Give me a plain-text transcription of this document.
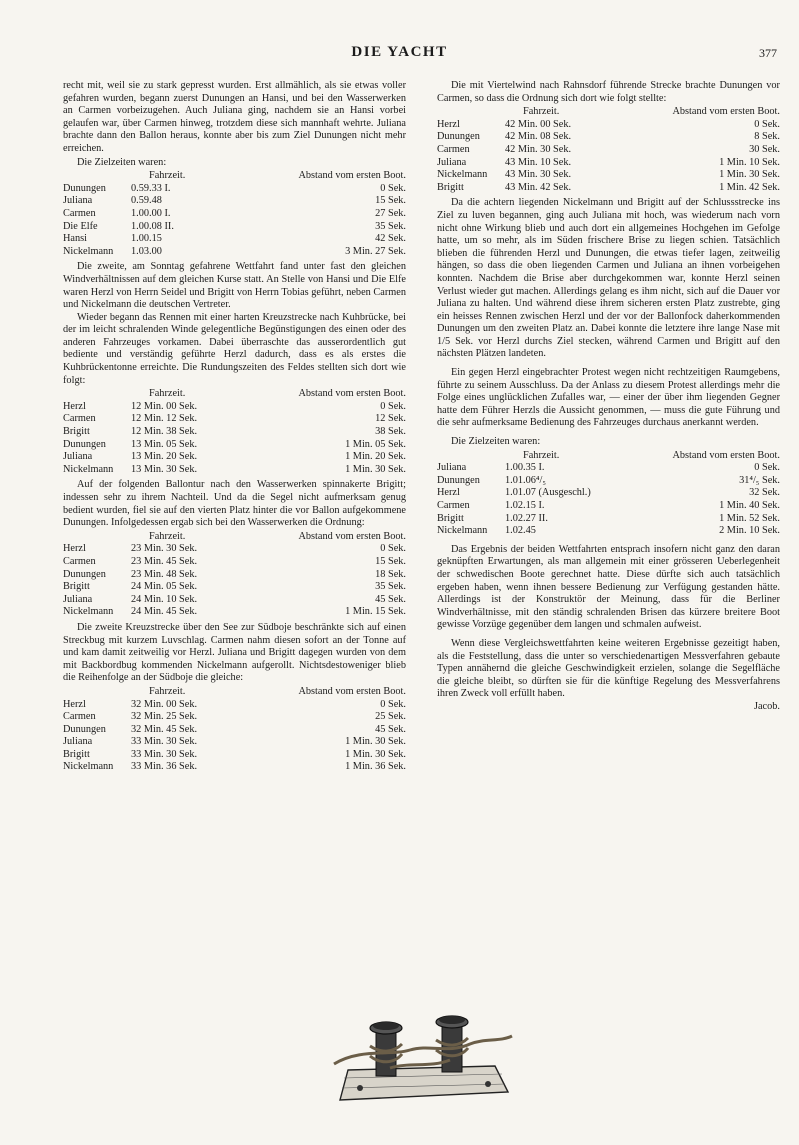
DIE YACHT	377

recht mit, weil sie zu stark gepresst wurden. Erst allmählich, als sie etwas voller gefahren wurden, begann zuerst Dunungen an Hansi, und bei den Wasserwerken an Carmen vorbeizugehen. Auch Juliana ging, nachdem sie an Hansi vorbei gelaufen war, über Carmen hinweg, trotzdem diese sich mannhaft wehrte. Juliana brachte dann den Ballon heraus, konnte aber bis zum Ziel Dunungen nicht mehr erreichen.

Die Zielzeiten waren:

	Fahrzeit.	Abstand vom ersten Boot.
Dunungen	0.59.33 I.	0 Sek.
Juliana	0.59.48	15 Sek.
Carmen	1.00.00 I.	27 Sek.
Die Elfe	1.00.08 II.	35 Sek.
Hansi	1.00.15	42 Sek.
Nickelmann	1.03.00	3 Min. 27 Sek.

Die zweite, am Sonntag gefahrene Wettfahrt fand unter fast den gleichen Windverhältnissen auf dem gleichen Kurse statt. An Stelle von Hansi und Die Elfe waren Herzl von Herrn Seidel und Brigitt von Herrn Tobias geführt, neben Carmen und Nickelmann die deutschen Vertreter.

Wieder begann das Rennen mit einer harten Kreuzstrecke nach Kuhbrücke, bei der im leicht schralenden Winde gelegentliche Begünstigungen des einen oder des anderen Fahrzeuges vorkamen. Dabei überraschte das ausserordentlich gut bediente und verständig geführte Herzl dadurch, dass es als erstes die Kuhbrückentonne erreichte. Die Rundungszeiten des Feldes stellten sich dort wie folgt:

	Fahrzeit.	Abstand vom ersten Boot.
Herzl	12 Min. 00 Sek.	0 Sek.
Carmen	12 Min. 12 Sek.	12 Sek.
Brigitt	12 Min. 38 Sek.	38 Sek.
Dunungen	13 Min. 05 Sek.	1 Min. 05 Sek.
Juliana	13 Min. 20 Sek.	1 Min. 20 Sek.
Nickelmann	13 Min. 30 Sek.	1 Min. 30 Sek.

Auf der folgenden Ballontur nach den Wasserwerken spinnakerte Brigitt; indessen sehr zu ihrem Nachteil. Und da die Segel nicht aufmerksam genug bedient wurden, fiel sie auf den vierten Platz hinter die vor Ballon aufgekommene Dunungen. Infolgedessen ergab sich bei den Wasserwerken die Ordnung:

	Fahrzeit.	Abstand vom ersten Boot.
Herzl	23 Min. 30 Sek.	0 Sek.
Carmen	23 Min. 45 Sek.	15 Sek.
Dunungen	23 Min. 48 Sek.	18 Sek.
Brigitt	24 Min. 05 Sek.	35 Sek.
Juliana	24 Min. 10 Sek.	45 Sek.
Nickelmann	24 Min. 45 Sek.	1 Min. 15 Sek.

Die zweite Kreuzstrecke über den See zur Südboje beschränkte sich auf einen Streckbug mit kurzem Luvschlag. Carmen nahm diesen sofort an der Tonne auf und kam damit zeitweilig vor Herzl. Juliana und Brigitt dagegen wurden von dem mit Backbordbug kommenden Nickelmann aufgerollt. Nichtsdestoweniger blieb die Reihenfolge an der Südboje die gleiche:

	Fahrzeit.	Abstand vom ersten Boot.
Herzl	32 Min. 00 Sek.	0 Sek.
Carmen	32 Min. 25 Sek.	25 Sek.
Dunungen	32 Min. 45 Sek.	45 Sek.
Juliana	33 Min. 30 Sek.	1 Min. 30 Sek.
Brigitt	33 Min. 30 Sek.	1 Min. 30 Sek.
Nickelmann	33 Min. 36 Sek.	1 Min. 36 Sek.

Die mit Viertelwind nach Rahnsdorf führende Strecke brachte Dunungen vor Carmen, so dass die Ordnung sich dort wie folgt stellte:

	Fahrzeit.	Abstand vom ersten Boot.
Herzl	42 Min. 00 Sek.	0 Sek.
Dunungen	42 Min. 08 Sek.	8 Sek.
Carmen	42 Min. 30 Sek.	30 Sek.
Juliana	43 Min. 10 Sek.	1 Min. 10 Sek.
Nickelmann	43 Min. 30 Sek.	1 Min. 30 Sek.
Brigitt	43 Min. 42 Sek.	1 Min. 42 Sek.

Da die achtern liegenden Nickelmann und Brigitt auf der Schlussstrecke ins Ziel zu luven begannen, ging auch Juliana mit hoch, was wiederum nach vorn nicht ohne Wirkung blieb und auch dort ein allgemeines Hochgehen im Gefolge hatte, um so mehr, als im Süden frischere Brise zu liegen schien. Tatsächlich blieben die führenden Herzl und Dunungen, die etwas tiefer lagen, zeitweilig hängen, so dass die oben liegenden Carmen und Juliana an ihnen vorbeigehen konnten. Nachdem die Brise aber durchgekommen war, konnte Herzl seinen Verlust wieder gut machen. Allerdings gelang es ihm nicht, sich auf die Dauer vor Juliana zu halten. Und während diese ihrem sicheren ersten Platz zustrebte, ging ein heisses Rennen zwischen Herzl und der vor der Ballonfock daherkommenden Dunungen um den zweiten Platz an. Dabei konnte die letztere ihre lange Nase mit 1/5 Sek. vor Herzl durchs Ziel stecken, während Carmen und Brigitt auf den nächsten Plätzen landeten.

Ein gegen Herzl eingebrachter Protest wegen nicht rechtzeitigen Raumgebens, führte zu seinem Ausschluss. Da der Anlass zu diesem Protest allerdings mehr die Folge eines unglücklichen Zufalles war, — einer der über ihm liegenden Gegner hatte dem Führer Herzls die Aussicht genommen, — muss die gute Führung und die sehr aufmerksame Bedienung des Fahrzeuges durchaus anerkannt werden.

Die Zielzeiten waren:

	Fahrzeit.	Abstand vom ersten Boot.
Juliana	1.00.35 I.	0 Sek.
Dunungen	1.01.06⁴/₅	31⁴/₅ Sek.
Herzl	1.01.07 (Ausgeschl.)	32 Sek.
Carmen	1.02.15 I.	1 Min. 40 Sek.
Brigitt	1.02.27 II.	1 Min. 52 Sek.
Nickelmann	1.02.45	2 Min. 10 Sek.

Das Ergebnis der beiden Wettfahrten entsprach insofern nicht ganz den daran geknüpften Erwartungen, als man allgemein mit einer grösseren Ueberlegenheit der schwedischen Boote gerechnet hatte. Diese dürfte sich auch tatsächlich ergeben haben, wenn ihnen bessere Bedienung zur Verfügung gestanden hätte. Allerdings ist der Konstruktör der Meinung, dass für die Berliner Windverhältnisse, mit den ständig schralenden Brisen das kürzere breitere Boot gewisse Vorzüge gegenüber dem langen und schmalen aufweist.

Wenn diese Vergleichswettfahrten keine weiteren Ergebnisse gezeitigt haben, als die Feststellung, dass die unter so verschiedenartigen Messverfahren gebaute Typen annähernd die gleiche Geschwindigkeit erzielen, solange die Segelfläche die gleiche bleibt, so dürften sie für die künftige Regelung des Messverfahrens ihren Zweck voll erfüllt haben.

Jacob.
